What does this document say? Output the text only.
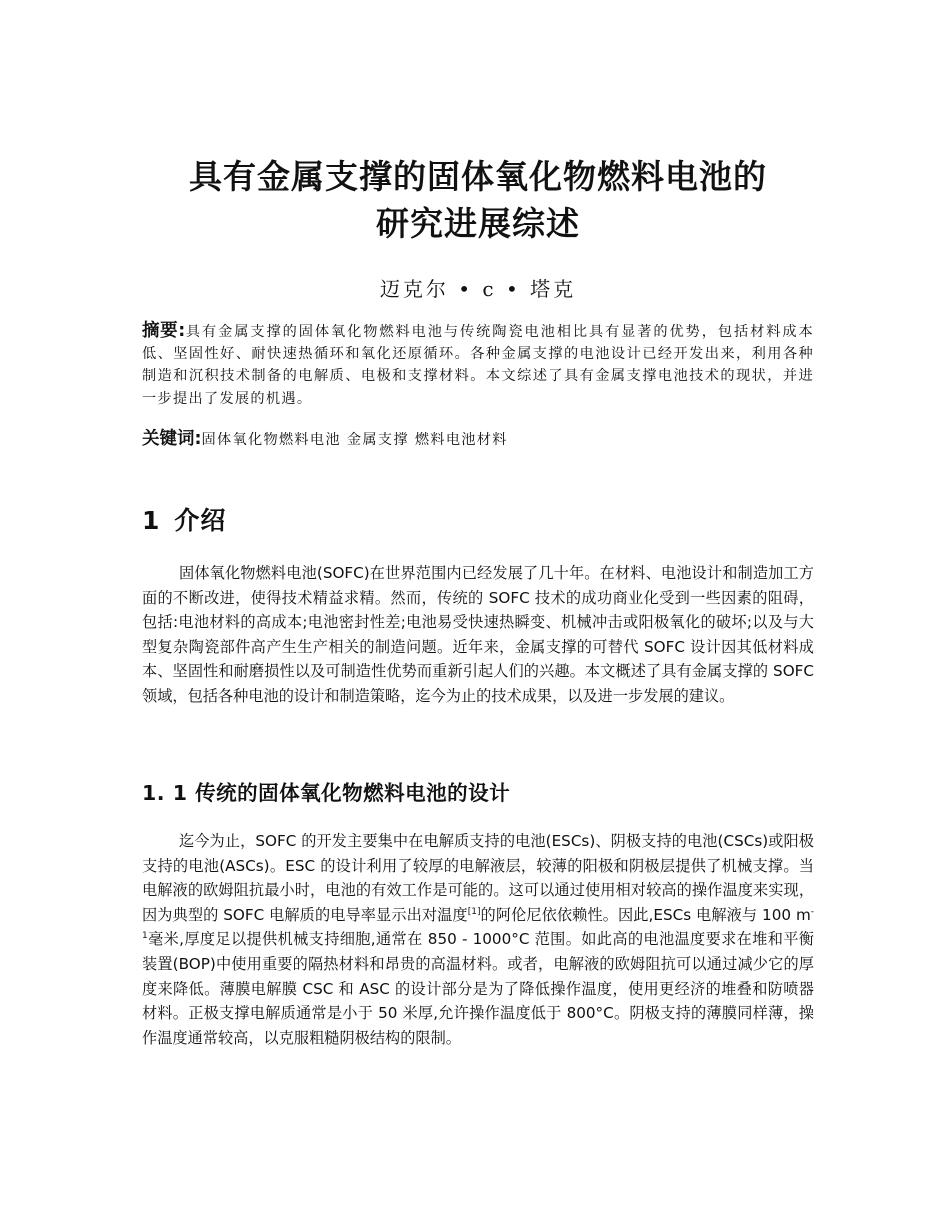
具有金属支撑的固体氧化物燃料电池的
研究进展综述
迈克尔 • c • 塔克
摘要:具有金属支撑的固体氧化物燃料电池与传统陶瓷电池相比具有显著的优势，包括材料成本低、坚固性好、耐快速热循环和氧化还原循环。各种金属支撑的电池设计已经开发出来，利用各种制造和沉积技术制备的电解质、电极和支撑材料。本文综述了具有金属支撑电池技术的现状，并进一步提出了发展的机遇。
关键词:固体氧化物燃料电池 金属支撑 燃料电池材料
1 介绍

固体氧化物燃料电池(SOFC)在世界范围内已经发展了几十年。在材料、电池设计和制造加工方面的不断改进，使得技术精益求精。然而，传统的 SOFC 技术的成功商业化受到一些因素的阻碍，包括:电池材料的高成本;电池密封性差;电池易受快速热瞬变、机械冲击或阳极氧化的破坏;以及与大型复杂陶瓷部件高产生生产相关的制造问题。近年来，金属支撑的可替代 SOFC 设计因其低材料成本、坚固性和耐磨损性以及可制造性优势而重新引起人们的兴趣。本文概述了具有金属支撑的 SOFC 领域，包括各种电池的设计和制造策略，迄今为止的技术成果，以及进一步发展的建议。

1. 1 传统的固体氧化物燃料电池的设计

迄今为止，SOFC 的开发主要集中在电解质支持的电池(ESCs)、阴极支持的电池(CSCs)或阳极支持的电池(ASCs)。ESC 的设计利用了较厚的电解液层，较薄的阳极和阴极层提供了机械支撑。当电解液的欧姆阻抗最小时，电池的有效工作是可能的。这可以通过使用相对较高的操作温度来实现，因为典型的 SOFC 电解质的电导率显示出对温度[1]的阿伦尼依依赖性。因此,ESCs 电解液与 100 $m^{-1}$毫米,厚度足以提供机械支持细胞,通常在 850 - 1000°C 范围。如此高的电池温度要求在堆和平衡装置(BOP)中使用重要的隔热材料和昂贵的高温材料。或者，电解液的欧姆阻抗可以通过减少它的厚度来降低。薄膜电解膜 CSC 和 ASC 的设计部分是为了降低操作温度，使用更经济的堆叠和防喷器材料。正极支撑电解质通常是小于 50 米厚,允许操作温度低于 800°C。阴极支持的薄膜同样薄，操作温度通常较高，以克服粗糙阴极结构的限制。
